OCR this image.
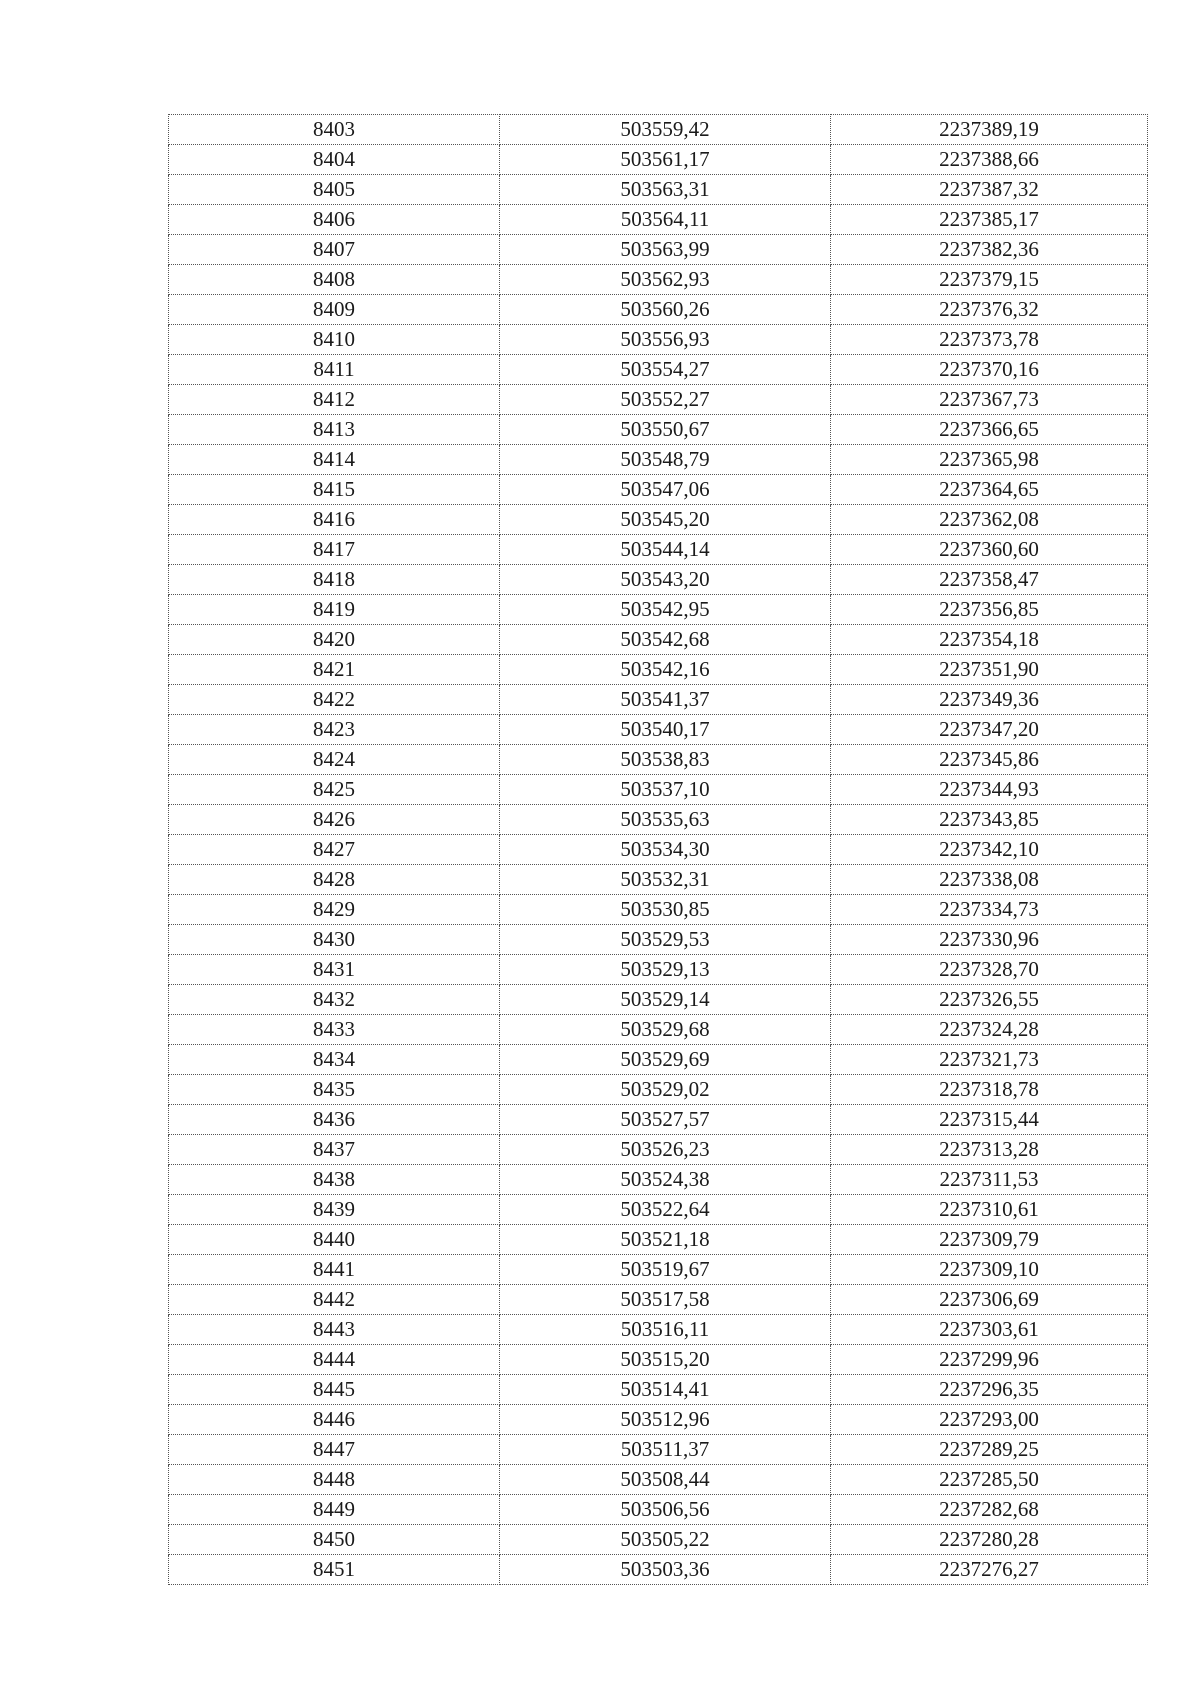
8403	503559,42	2237389,19
8404	503561,17	2237388,66
8405	503563,31	2237387,32
8406	503564,11	2237385,17
8407	503563,99	2237382,36
8408	503562,93	2237379,15
8409	503560,26	2237376,32
8410	503556,93	2237373,78
8411	503554,27	2237370,16
8412	503552,27	2237367,73
8413	503550,67	2237366,65
8414	503548,79	2237365,98
8415	503547,06	2237364,65
8416	503545,20	2237362,08
8417	503544,14	2237360,60
8418	503543,20	2237358,47
8419	503542,95	2237356,85
8420	503542,68	2237354,18
8421	503542,16	2237351,90
8422	503541,37	2237349,36
8423	503540,17	2237347,20
8424	503538,83	2237345,86
8425	503537,10	2237344,93
8426	503535,63	2237343,85
8427	503534,30	2237342,10
8428	503532,31	2237338,08
8429	503530,85	2237334,73
8430	503529,53	2237330,96
8431	503529,13	2237328,70
8432	503529,14	2237326,55
8433	503529,68	2237324,28
8434	503529,69	2237321,73
8435	503529,02	2237318,78
8436	503527,57	2237315,44
8437	503526,23	2237313,28
8438	503524,38	2237311,53
8439	503522,64	2237310,61
8440	503521,18	2237309,79
8441	503519,67	2237309,10
8442	503517,58	2237306,69
8443	503516,11	2237303,61
8444	503515,20	2237299,96
8445	503514,41	2237296,35
8446	503512,96	2237293,00
8447	503511,37	2237289,25
8448	503508,44	2237285,50
8449	503506,56	2237282,68
8450	503505,22	2237280,28
8451	503503,36	2237276,27
